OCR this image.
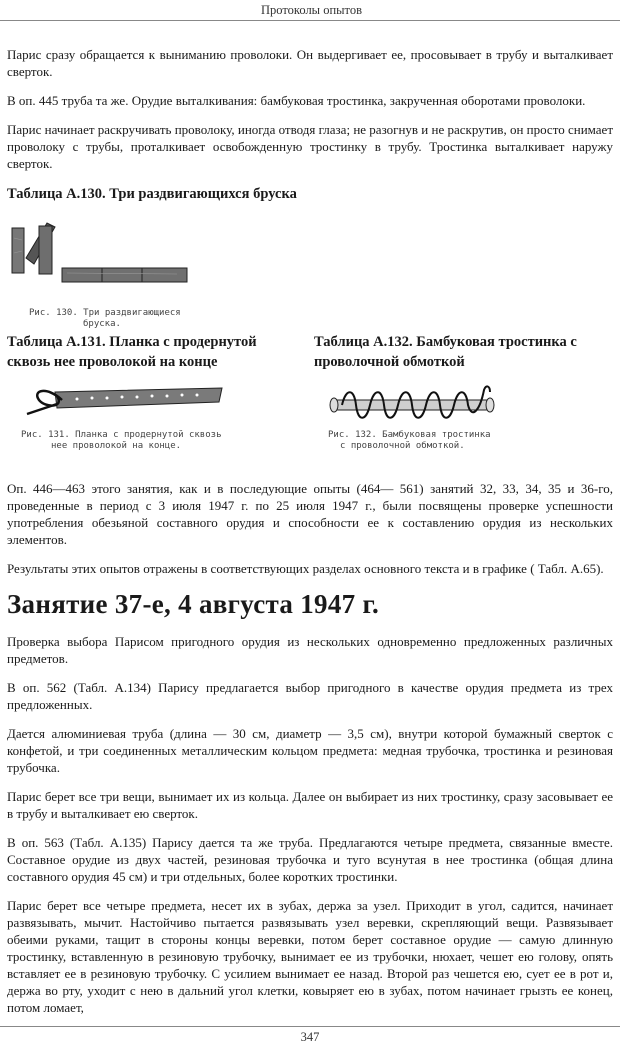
Протоколы опытов

Парис сразу обращается к выниманию проволоки. Он выдергивает ее, просовывает в трубу и выталкивает сверток.

В оп. 445 труба та же. Орудие выталкивания: бамбуковая тростинка, закрученная оборотами проволоки.

Парис начинает раскручивать проволоку, иногда отводя глаза; не разогнув и не раскрутив, он просто снимает проволоку с трубы, проталкивает освобожденную тростинку в трубу. Тростинка выталкивает наружу сверток.

Таблица А.130. Три раздвигающихся бруска
Рис. 130. Три раздвигающиеся
бруска.
Таблица А.131. Планка с продернутой
сквозь нее проволокой на конце
Рис. 131. Планка с продернутой сквозь
нее проволокой на конце.
Таблица А.132. Бамбуковая тростинка с
проволочной обмоткой
Рис. 132. Бамбуковая тростинка
с проволочной обмоткой.

Оп. 446—463 этого занятия, как и в последующие опыты (464— 561) занятий 32, 33, 34, 35 и 36-го, проведенные в период с 3 июля 1947 г. по 25 июля 1947 г., были посвящены проверке успешности употребления обезьяной составного орудия и способности ее к составлению орудия из нескольких элементов.

Результаты этих опытов отражены в соответствующих разделах основного текста и в графике ( Табл. А.65).

Занятие 37-е, 4 августа 1947 г.

Проверка выбора Парисом пригодного орудия из нескольких одновременно предложенных различных предметов.

В оп. 562 (Табл. А.134) Парису предлагается выбор пригодного в качестве орудия предмета из трех предложенных.

Дается алюминиевая труба (длина — 30 см, диаметр — 3,5 см), внутри которой бумажный сверток с конфетой, и три соединенных металлическим кольцом предмета: медная трубочка, тростинка и резиновая трубочка.

Парис берет все три вещи, вынимает их из кольца. Далее он выбирает из них тростинку, сразу засовывает ее в трубу и выталкивает ею сверток.

В оп. 563 (Табл. А.135) Парису дается та же труба. Предлагаются четыре предмета, связанные вместе. Составное орудие из двух частей, резиновая трубочка и туго всунутая в нее тростинка (общая длина составного орудия 45 см) и три отдельных, более коротких тростинки.

Парис берет все четыре предмета, несет их в зубах, держа за узел. Приходит в угол, садится, начинает развязывать, мычит. Настойчиво пытается развязывать узел веревки, скрепляющий вещи. Развязывает обеими руками, тащит в стороны концы веревки, потом берет составное орудие — самую длинную тростинку, вставленную в резиновую трубочку, вынимает ее из трубочки, нюхает, чешет ею голову, опять вставляет ее в резиновую трубочку. С усилием вынимает ее назад. Второй раз чешется ею, сует ее в рот и, держа во рту, уходит с нею в дальний угол клетки, ковыряет ею в зубах, потом начинает грызть ее конец, потом ломает,

347
